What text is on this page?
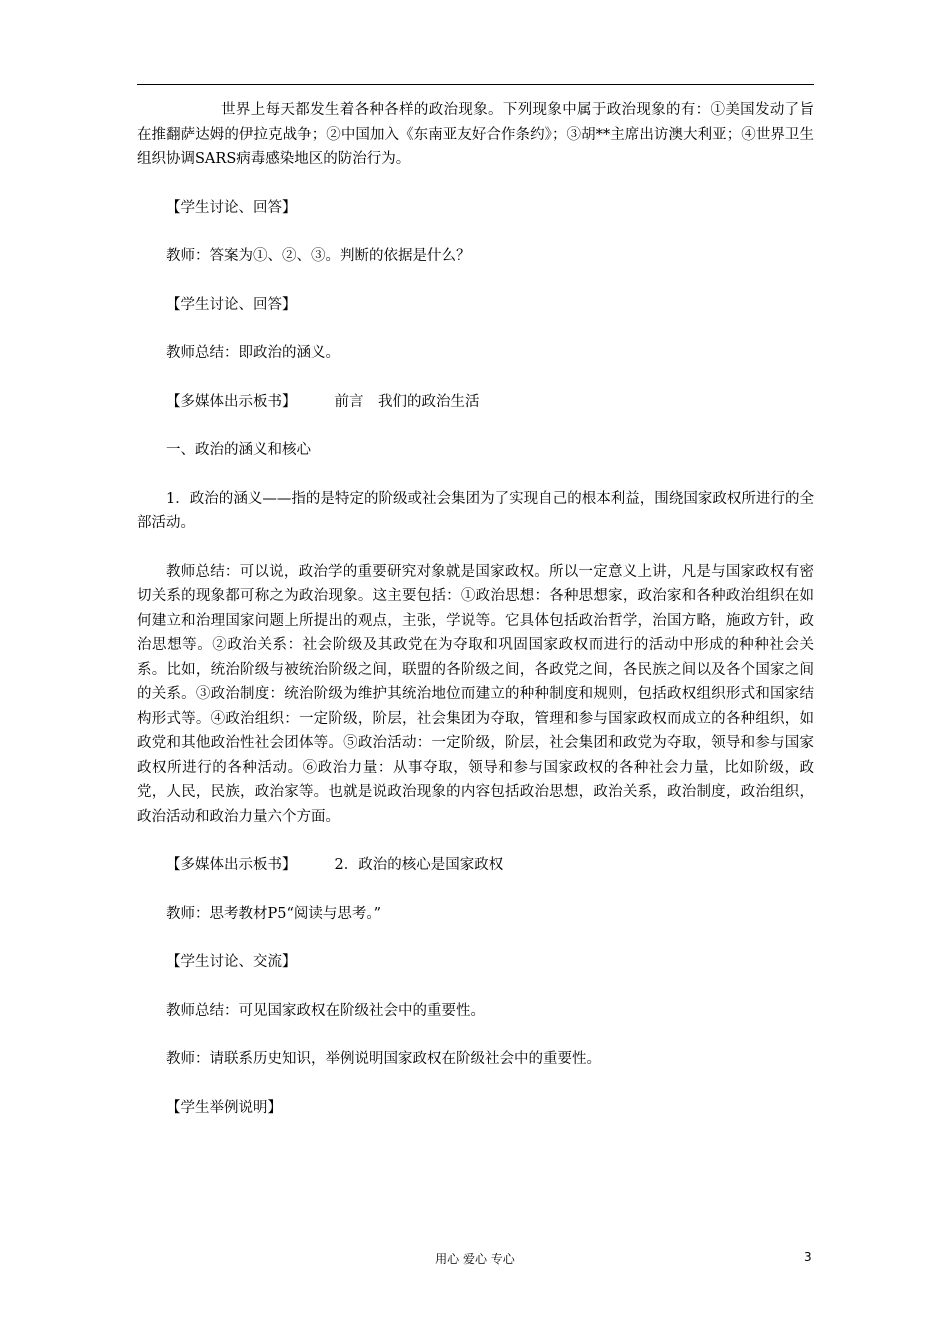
世界上每天都发生着各种各样的政治现象。下列现象中属于政治现象的有：①美国发动了旨在推翻萨达姆的伊拉克战争；②中国加入《东南亚友好合作条约》；③胡**主席出访澳大利亚；④世界卫生组织协调SARS病毒感染地区的防治行为。

【学生讨论、回答】

教师：答案为①、②、③。判断的依据是什么？

【学生讨论、回答】

教师总结：即政治的涵义。

【多媒体出示板书】	前言　我们的政治生活

一、政治的涵义和核心

1．政治的涵义——指的是特定的阶级或社会集团为了实现自己的根本利益，围绕国家政权所进行的全部活动。

教师总结：可以说，政治学的重要研究对象就是国家政权。所以一定意义上讲，凡是与国家政权有密切关系的现象都可称之为政治现象。这主要包括：①政治思想：各种思想家，政治家和各种政治组织在如何建立和治理国家问题上所提出的观点，主张，学说等。它具体包括政治哲学，治国方略，施政方针，政治思想等。②政治关系：社会阶级及其政党在为夺取和巩固国家政权而进行的活动中形成的种种社会关系。比如，统治阶级与被统治阶级之间，联盟的各阶级之间，各政党之间，各民族之间以及各个国家之间的关系。③政治制度：统治阶级为维护其统治地位而建立的种种制度和规则，包括政权组织形式和国家结构形式等。④政治组织：一定阶级，阶层，社会集团为夺取，管理和参与国家政权而成立的各种组织，如政党和其他政治性社会团体等。⑤政治活动：一定阶级，阶层，社会集团和政党为夺取，领导和参与国家政权所进行的各种活动。⑥政治力量：从事夺取，领导和参与国家政权的各种社会力量，比如阶级，政党，人民，民族，政治家等。也就是说政治现象的内容包括政治思想，政治关系，政治制度，政治组织，政治活动和政治力量六个方面。

【多媒体出示板书】	2．政治的核心是国家政权

教师：思考教材P5“阅读与思考。”

【学生讨论、交流】

教师总结：可见国家政权在阶级社会中的重要性。

教师：请联系历史知识，举例说明国家政权在阶级社会中的重要性。

【学生举例说明】

用心 爱心 专心	3
